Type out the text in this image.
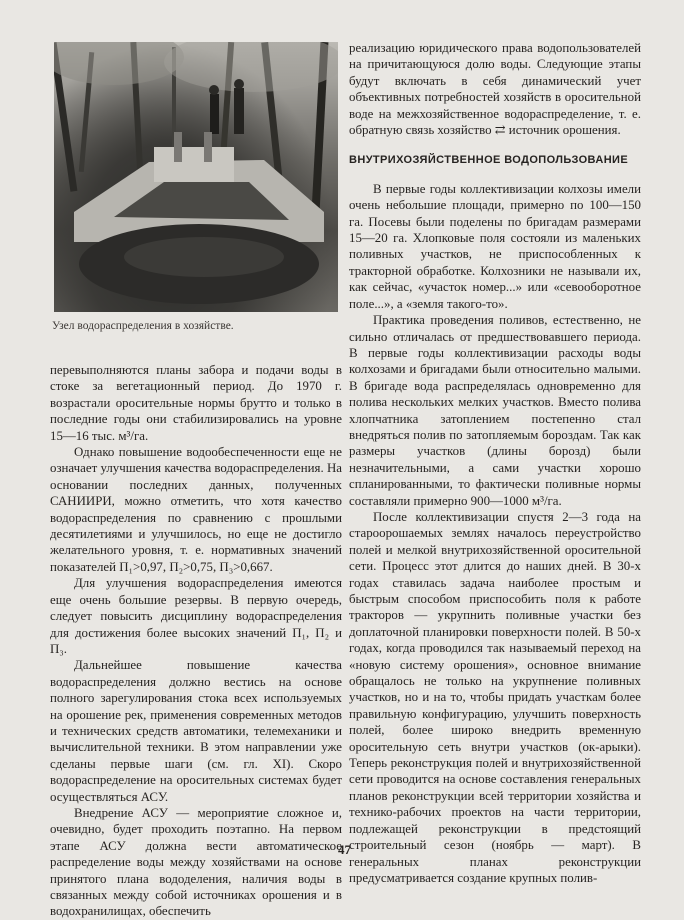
Узел водораспределения в хозяйстве.

перевыполняются планы забора и подачи воды в стоке за вегетационный период. До 1970 г. возрастали оросительные нормы брутто и только в последние годы они стабилизировались на уровне 15—16 тыс. м³/га.

Однако повышение водообеспеченности еще не означает улучшения качества водораспределения. На основании последних данных, полученных САНИИРИ, можно отметить, что хотя качество водораспределения по сравнению с прошлыми десятилетиями и улучшилось, но еще не достигло желательного уровня, т. е. нормативных значений показателей П₁>0,97, П₂>0,75, П₃>0,667.

Для улучшения водораспределения имеются еще очень большие резервы. В первую очередь, следует повысить дисциплину водораспределения для достижения более высоких значений П₁, П₂ и П₃.

Дальнейшее повышение качества водораспределения должно вестись на основе полного зарегулирования стока всех используемых на орошение рек, применения современных методов и технических средств автоматики, телемеханики и вычислительной техники. В этом направлении уже сделаны первые шаги (см. гл. XI). Скоро водораспределение на оросительных системах будет осуществляться АСУ.

Внедрение АСУ — мероприятие сложное и, очевидно, будет проходить поэтапно. На первом этапе АСУ должна вести автоматическое распределение воды между хозяйствами на основе принятого плана вододеления, наличия воды в связанных между собой источниках орошения и в водохранилищах, обеспечить

реализацию юридического права водопользователей на причитающуюся долю воды. Следующие этапы будут включать в себя динамический учет объективных потребностей хозяйств в оросительной воде на межхозяйственное водораспределение, т. е. обратную связь хозяйство ⇄ источник орошения.

ВНУТРИХОЗЯЙСТВЕННОЕ ВОДОПОЛЬЗОВАНИЕ

В первые годы коллективизации колхозы имели очень небольшие площади, примерно по 100—150 га. Посевы были поделены по бригадам размерами 15—20 га. Хлопковые поля состояли из маленьких поливных участков, не приспособленных к тракторной обработке. Колхозники не называли их, как сейчас, «участок номер...» или «севооборотное поле...», а «земля такого-то».

Практика проведения поливов, естественно, не сильно отличалась от предшествовавшего периода. В первые годы коллективизации расходы воды колхозами и бригадами были относительно малыми. В бригаде вода распределялась одновременно для полива нескольких мелких участков. Вместо полива хлопчатника затоплением постепенно стал внедряться полив по затопляемым бороздам. Так как размеры участков (длины борозд) были незначительными, а сами участки хорошо спланированными, то фактически поливные нормы составляли примерно 900—1000 м³/га.

После коллективизации спустя 2—3 года на староорошаемых землях началось переустройство полей и мелкой внутрихозяйственной оросительной сети. Процесс этот длится до наших дней. В 30-х годах ставилась задача наиболее простым и быстрым способом приспособить поля к работе тракторов — укрупнить поливные участки без доплаточной планировки поверхности полей. В 50-х годах, когда проводился так называемый переход на «новую систему орошения», основное внимание обращалось не только на укрупнение поливных участков, но и на то, чтобы придать участкам более правильную конфигурацию, улучшить поверхность полей, более широко внедрить временную оросительную сеть внутри участков (ок-арыки). Теперь реконструкция полей и внутрихозяйственной сети проводится на основе составления генеральных планов реконструкции всей территории хозяйства и технико-рабочих проектов на части территории, подлежащей реконструкции в предстоящий строительный сезон (ноябрь — март). В генеральных планах реконструкции предусматривается создание крупных полив-

47
